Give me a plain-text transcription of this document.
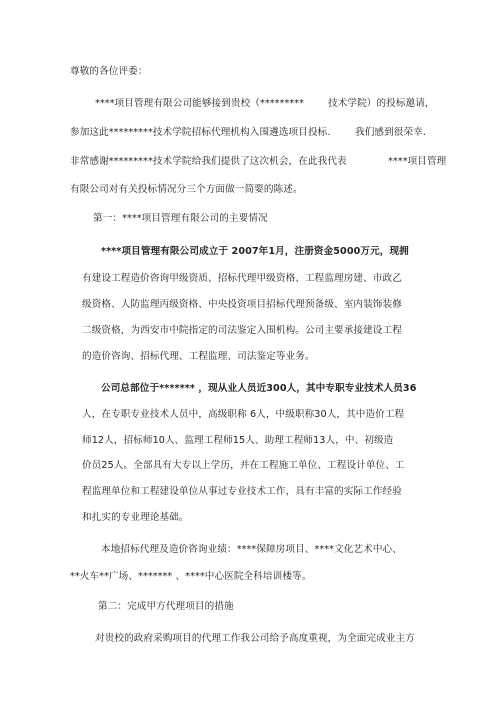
尊敬的各位评委：
****项目管理有限公司能够接到贵校（********* 技术学院）的投标邀请，
参加这此*********技术学院招标代理机构入围遴选项目投标.	我们感到很荣幸.
非常感谢*********技术学院给我们提供了这次机会，在此我代表	****项目管理
有限公司对有关投标情况分三个方面做一简要的陈述。
第一：****项目管理有限公司的主要情况
****项目管理有限公司成立于 2007年1月，注册资金5000万元，现拥
有建设工程造价咨询甲级资质、招标代理甲级资格、工程监理房建、市政乙
级资格、人防监理丙级资格、中央投资项目招标代理预备级、室内装饰装修
二级资格，为西安市中院指定的司法鉴定入围机构。公司主要承接建设工程
的造价咨询、招标代理、工程监理、司法鉴定等业务。
公司总部位于******* ，现从业人员近300人，其中专职专业技术人员36
人，在专职专业技术人员中，高级职称 6人，中级职称30人，其中造价工程
师12人，招标师10人、监理工程师15人、助理工程师13人，中、初级造
价员25人。全部具有大专以上学历，并在工程施工单位、工程设计单位、工
程监理单位和工程建设单位从事过专业技术工作，具有丰富的实际工作经验
和扎实的专业理论基础。
本地招标代理及造价咨询业绩：****保障房项目、****文化艺术中心、
**火车**广场、******* 、****中心医院全科培训楼等。
第二：完成甲方代理项目的措施
对贵校的政府采购项目的代理工作我公司给予高度重视，为全面完成业主方
